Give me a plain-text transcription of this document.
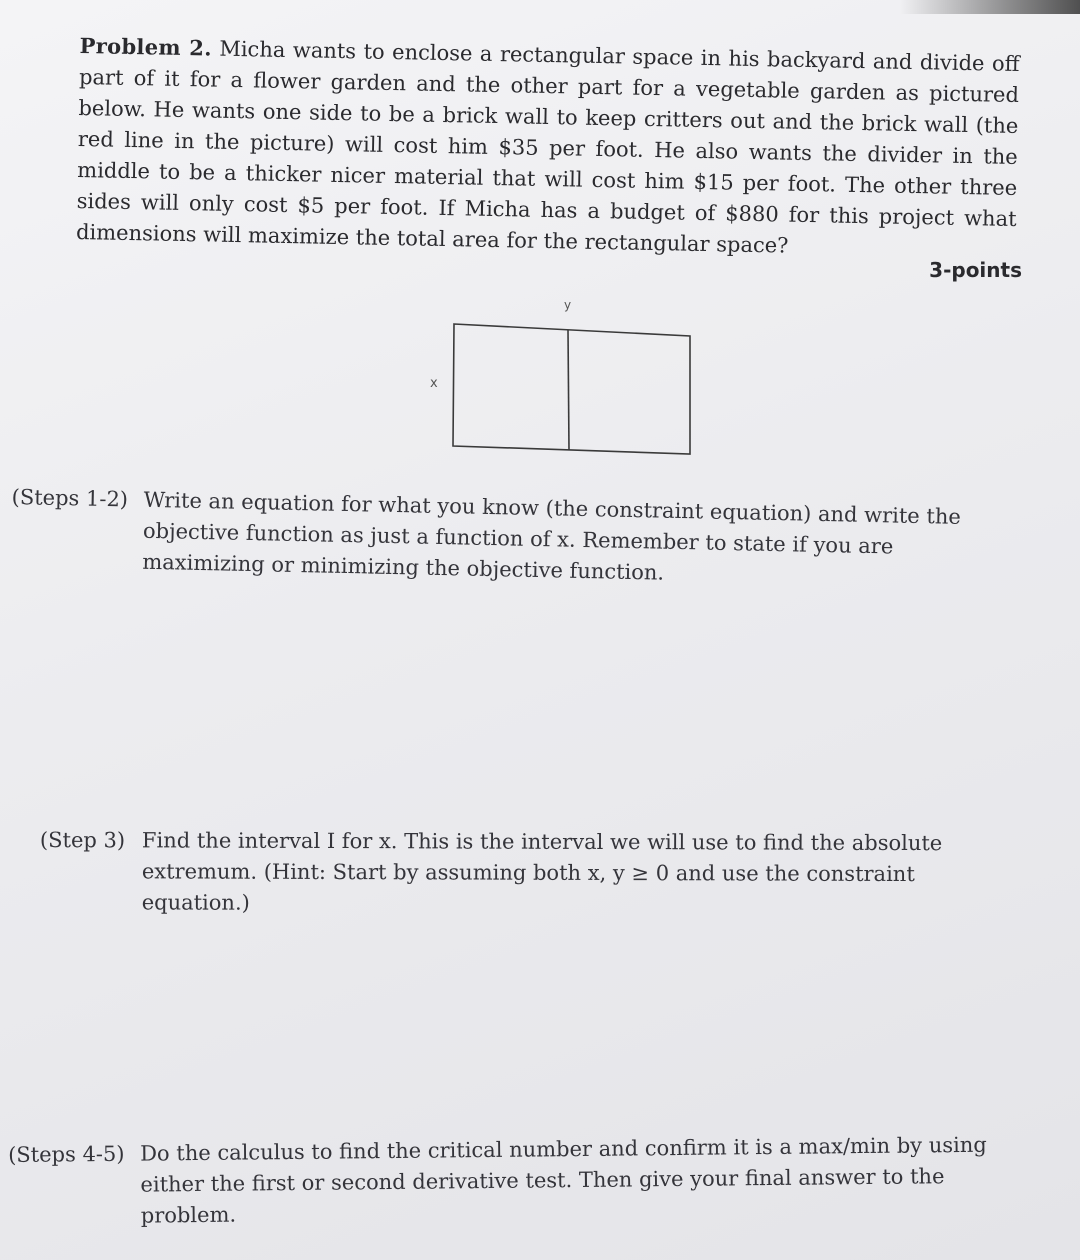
Problem 2. Micha wants to enclose a rectangular space in his backyard and divide off part of it for a flower garden and the other part for a vegetable garden as pictured below. He wants one side to be a brick wall to keep critters out and the brick wall (the red line in the picture) will cost him $35 per foot. He also wants the divider in the middle to be a thicker nicer material that will cost him $15 per foot. The other three sides will only cost $5 per foot. If Micha has a budget of $880 for this project what dimensions will maximize the total area for the rectangular space?
3-points
y
x
(Steps 1-2) Write an equation for what you know (the constraint equation) and write the objective function as just a function of x. Remember to state if you are maximizing or minimizing the objective function.
(Step 3) Find the interval I for x. This is the interval we will use to find the absolute extremum. (Hint: Start by assuming both x, y ≥ 0 and use the constraint equation.)
(Steps 4-5) Do the calculus to find the critical number and confirm it is a max/min by using either the first or second derivative test. Then give your final answer to the problem.
